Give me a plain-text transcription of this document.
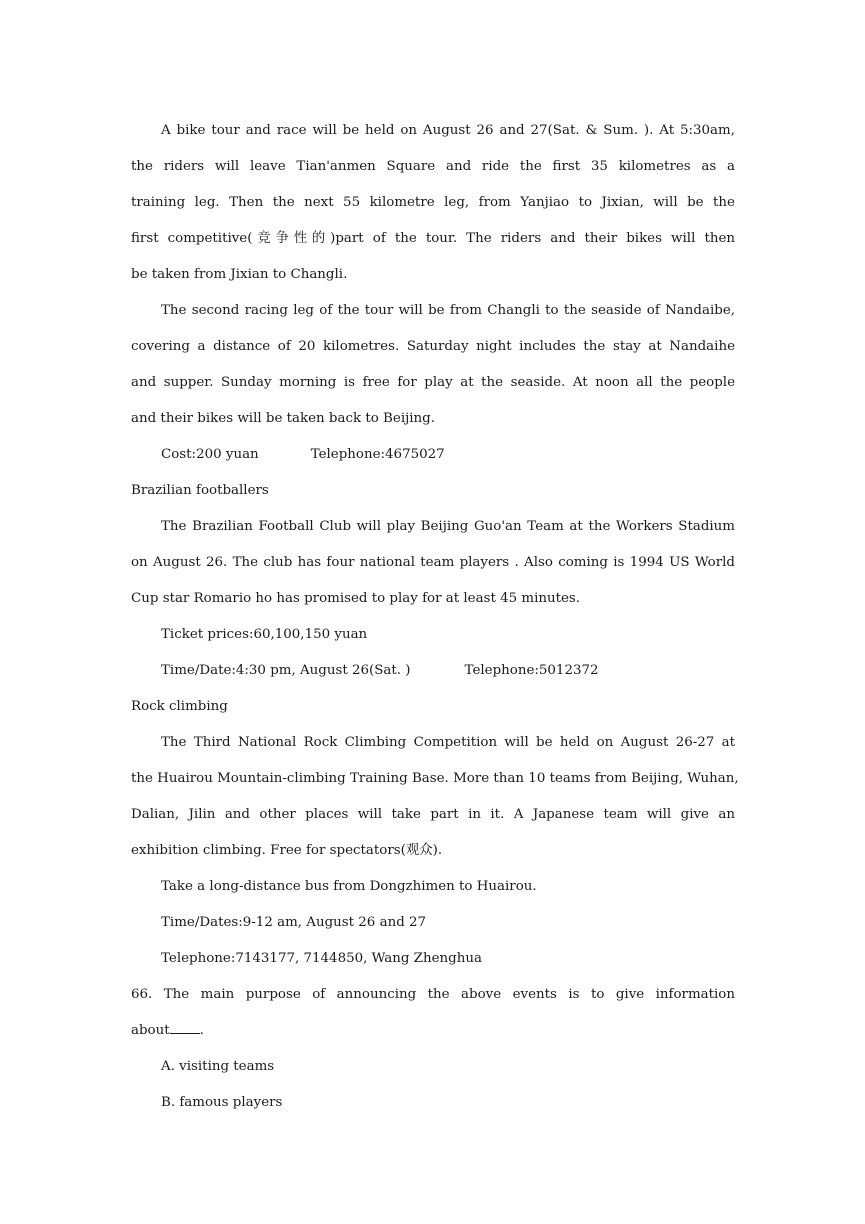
A bike tour and race will be held on August 26 and 27(Sat. & Sum. ). At 5:30am,
the riders will leave Tian'anmen Square and ride the first 35 kilometres as a
training leg. Then the next 55 kilometre leg, from Yanjiao to Jixian, will be the
first competitive(竞争性的)part of the tour. The riders and their bikes will then
be taken from Jixian to Changli.
The second racing leg of the tour will be from Changli to the seaside of Nandaibe,
covering a distance of 20 kilometres. Saturday night includes the stay at Nandaihe
and supper. Sunday morning is free for play at the seaside. At noon all the people
and their bikes will be taken back to Beijing.
Cost:200 yuan	Telephone:4675027
Brazilian footballers
The Brazilian Football Club will play Beijing Guo'an Team at the Workers Stadium
on August 26. The club has four national team players . Also coming is 1994 US World
Cup star Romario ho has promised to play for at least 45 minutes.
Ticket prices:60,100,150 yuan
Time/Date:4:30 pm, August 26(Sat. )	Telephone:5012372
Rock climbing
The Third National Rock Climbing Competition will be held on August 26-27 at
the Huairou Mountain-climbing Training Base. More than 10 teams from Beijing, Wuhan,
Dalian, Jilin and other places will take part in it. A Japanese team will give an
exhibition climbing. Free for spectators(观众).
Take a long-distance bus from Dongzhimen to Huairou.
Time/Dates:9-12 am, August 26 and 27
Telephone:7143177, 7144850, Wang Zhenghua
66. The main purpose of announcing the above events is to give information
about .
A. visiting teams
B. famous players
